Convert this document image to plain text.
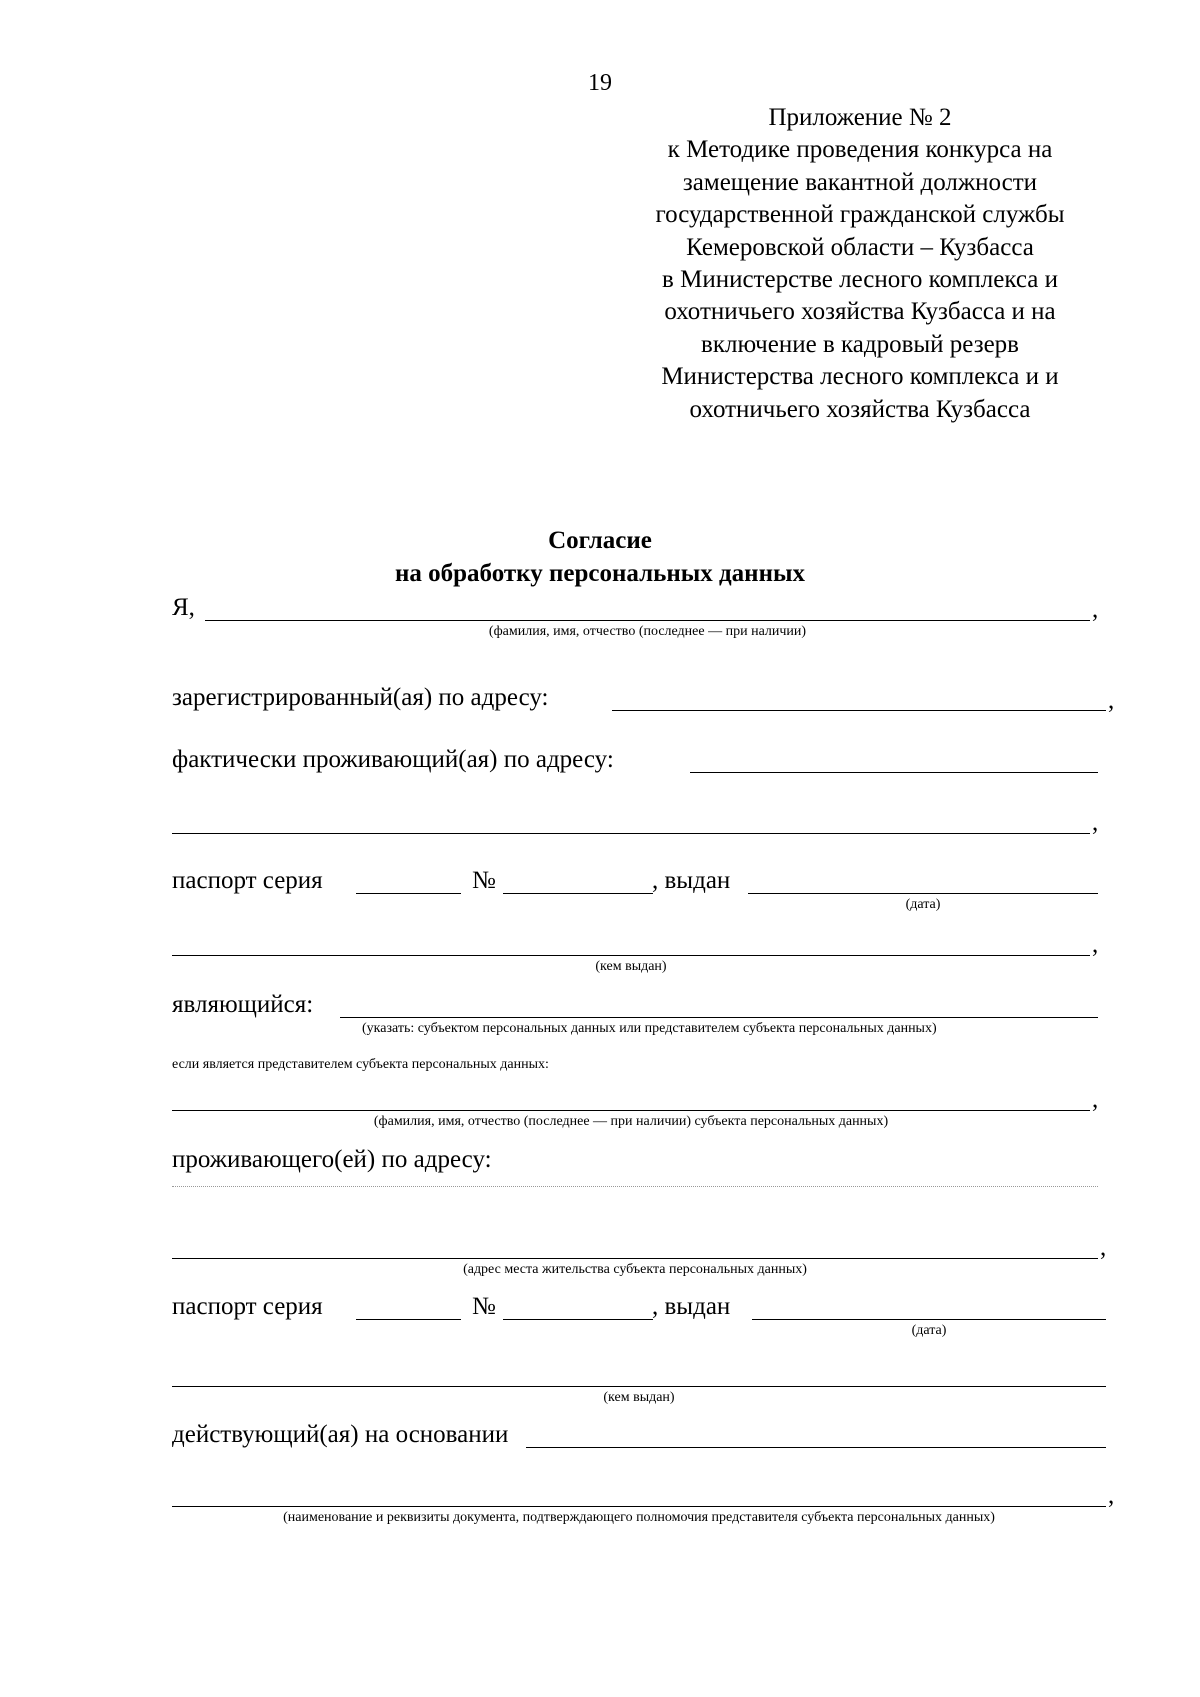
19
Приложение № 2
к Методике проведения конкурса на
замещение вакантной должности
государственной гражданской службы
Кемеровской области – Кузбасса
в Министерстве лесного комплекса и
охотничьего хозяйства Кузбасса и на
включение в кадровый резерв
Министерства лесного комплекса и и
охотничьего хозяйства Кузбасса
Согласие
на обработку персональных данных
Я,	,
(фамилия, имя, отчество (последнее — при наличии)
зарегистрированный(ая) по адресу:	,
фактически проживающий(ая) по адресу:
,
паспорт серия	№	, выдан
(дата)
,
(кем выдан)
являющийся:
(указать: субъектом персональных данных или представителем субъекта персональных данных)
если является представителем субъекта персональных данных:
,
(фамилия, имя, отчество (последнее — при наличии) субъекта персональных данных)
проживающего(ей) по адресу:
,
(адрес места жительства субъекта персональных данных)
паспорт серия	№	, выдан
(дата)
(кем выдан)
действующий(ая) на основании
,
(наименование и реквизиты документа, подтверждающего полномочия представителя субъекта персональных данных)
